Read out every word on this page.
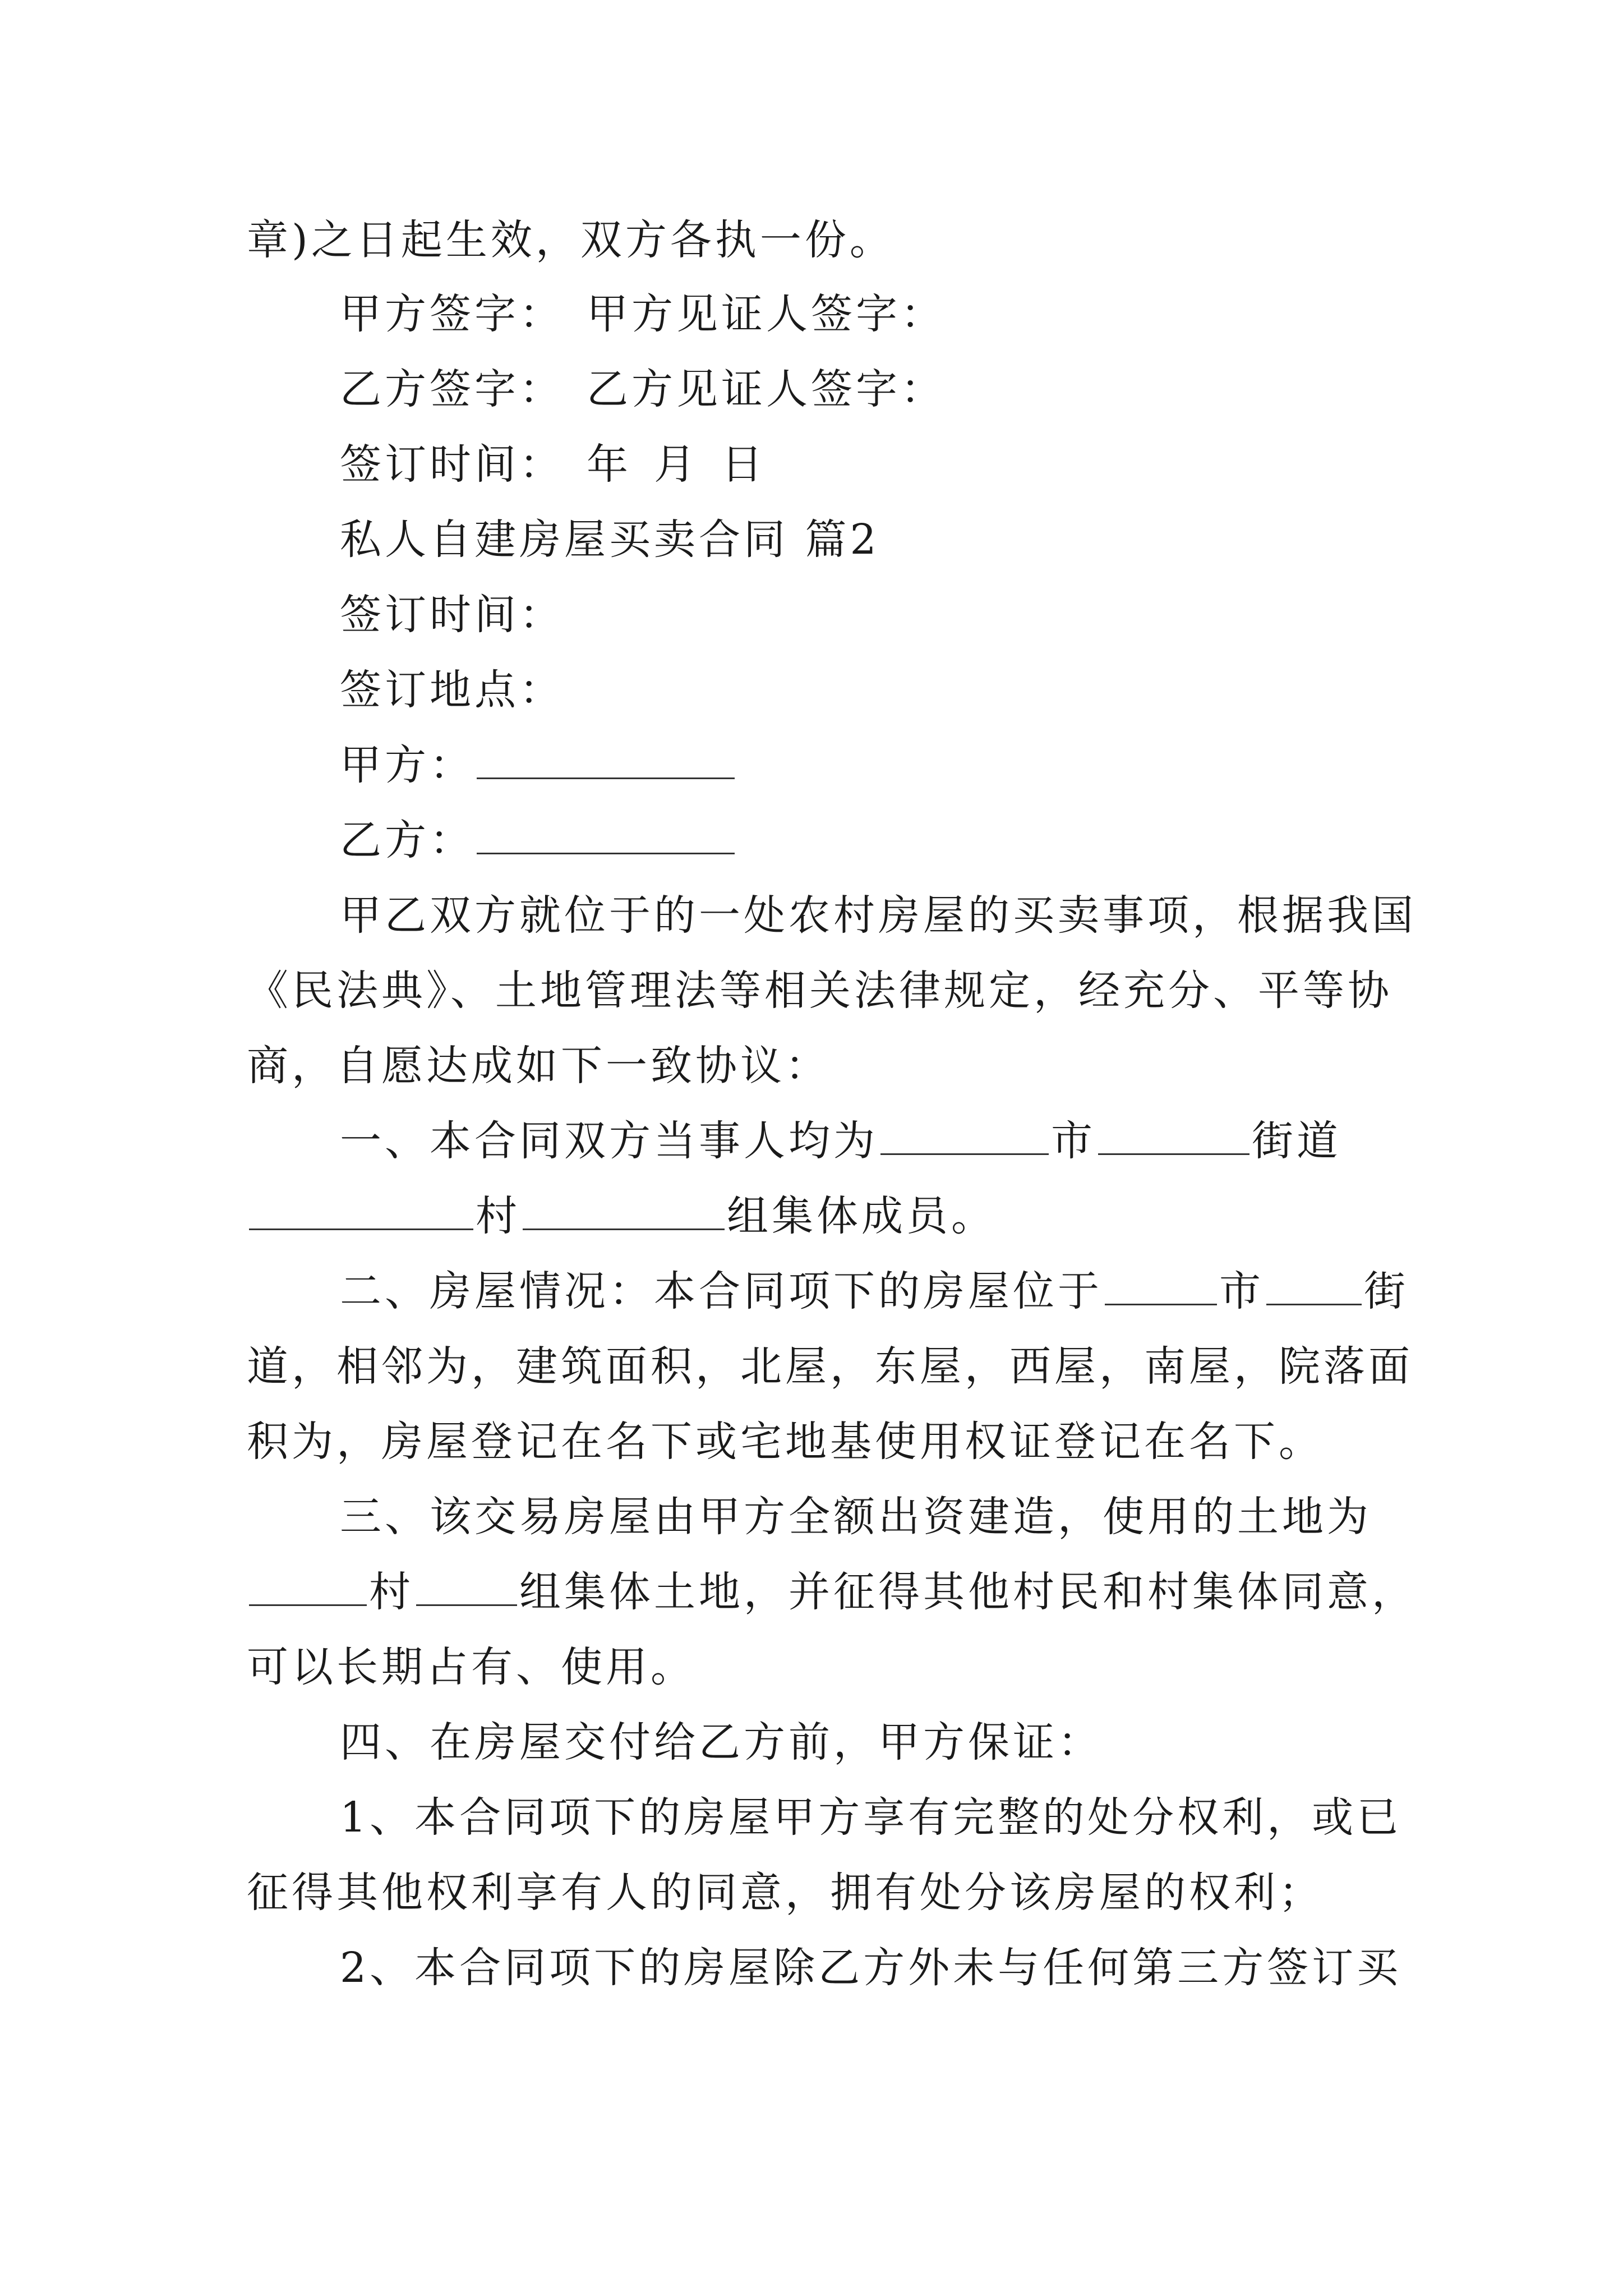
章)之日起生效，双方各执一份。
甲方签字： 甲方见证人签字：
乙方签字： 乙方见证人签字：
签订时间： 年 月 日
私人自建房屋买卖合同 篇2
签订时间：
签订地点：
甲方：
乙方：
甲乙双方就位于的一处农村房屋的买卖事项，根据我国
《民法典》、土地管理法等相关法律规定，经充分、平等协
商，自愿达成如下一致协议：
一、本合同双方当事人均为	市	街道
村	组集体成员。
二、房屋情况：本合同项下的房屋位于	市 街
道，相邻为，建筑面积，北屋，东屋，西屋，南屋，院落面
积为，房屋登记在名下或宅地基使用权证登记在名下。
三、该交易房屋由甲方全额出资建造，使用的土地为
村	组集体土地，并征得其他村民和村集体同意，
可以长期占有、使用。
四、在房屋交付给乙方前，甲方保证：
1、本合同项下的房屋甲方享有完整的处分权利，或已
征得其他权利享有人的同意，拥有处分该房屋的权利；
2、本合同项下的房屋除乙方外未与任何第三方签订买
